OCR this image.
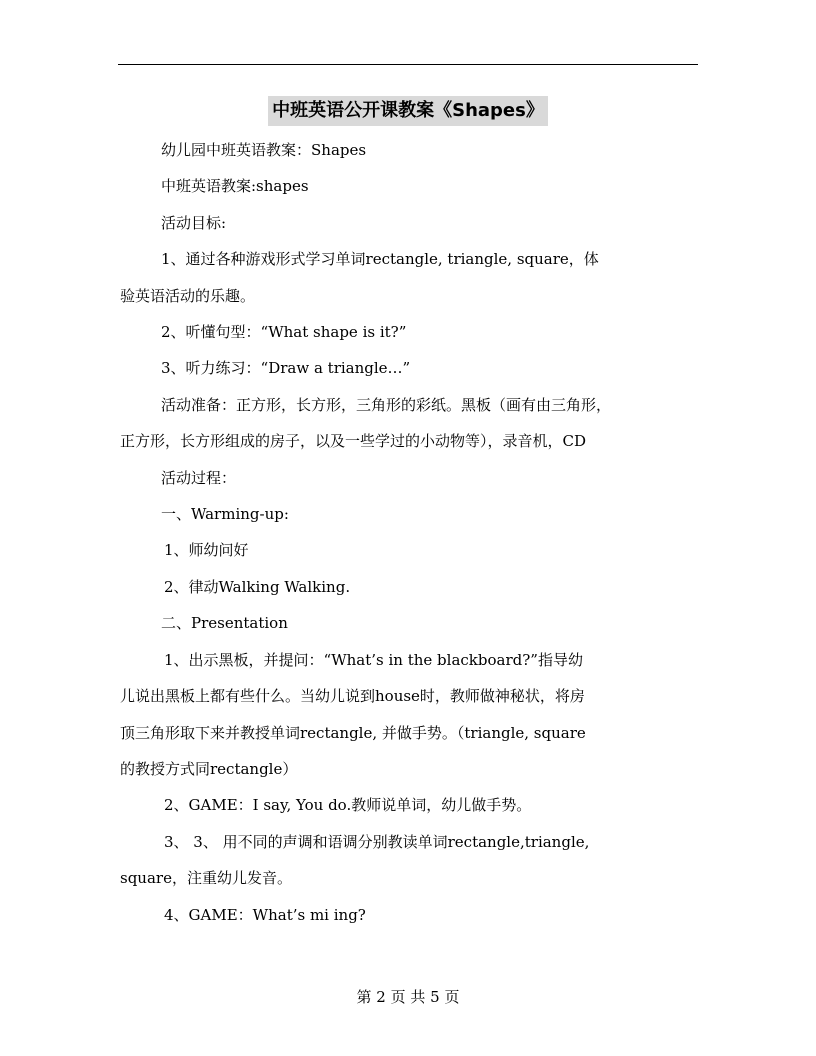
中班英语公开课教案《Shapes》

幼儿园中班英语教案：Shapes

中班英语教案:shapes

活动目标:

1、通过各种游戏形式学习单词rectangle, triangle, square，体

验英语活动的乐趣。

2、听懂句型：“What shape is it?”

3、听力练习：“Draw a triangle…”

活动准备：正方形，长方形，三角形的彩纸。黑板（画有由三角形，

正方形，长方形组成的房子，以及一些学过的小动物等），录音机，CD

活动过程：

一、Warming-up:

1、师幼问好

2、律动Walking Walking.

二、Presentation

1、出示黑板，并提问：“What’s in the blackboard?”指导幼

儿说出黑板上都有些什么。当幼儿说到house时，教师做神秘状，将房

顶三角形取下来并教授单词rectangle, 并做手势。（triangle, square

的教授方式同rectangle）

2、GAME：I say, You do.教师说单词，幼儿做手势。

3、 3、 用不同的声调和语调分别教读单词rectangle,triangle,

square，注重幼儿发音。

4、GAME：What’s mi ing?

第 2 页 共 5 页
